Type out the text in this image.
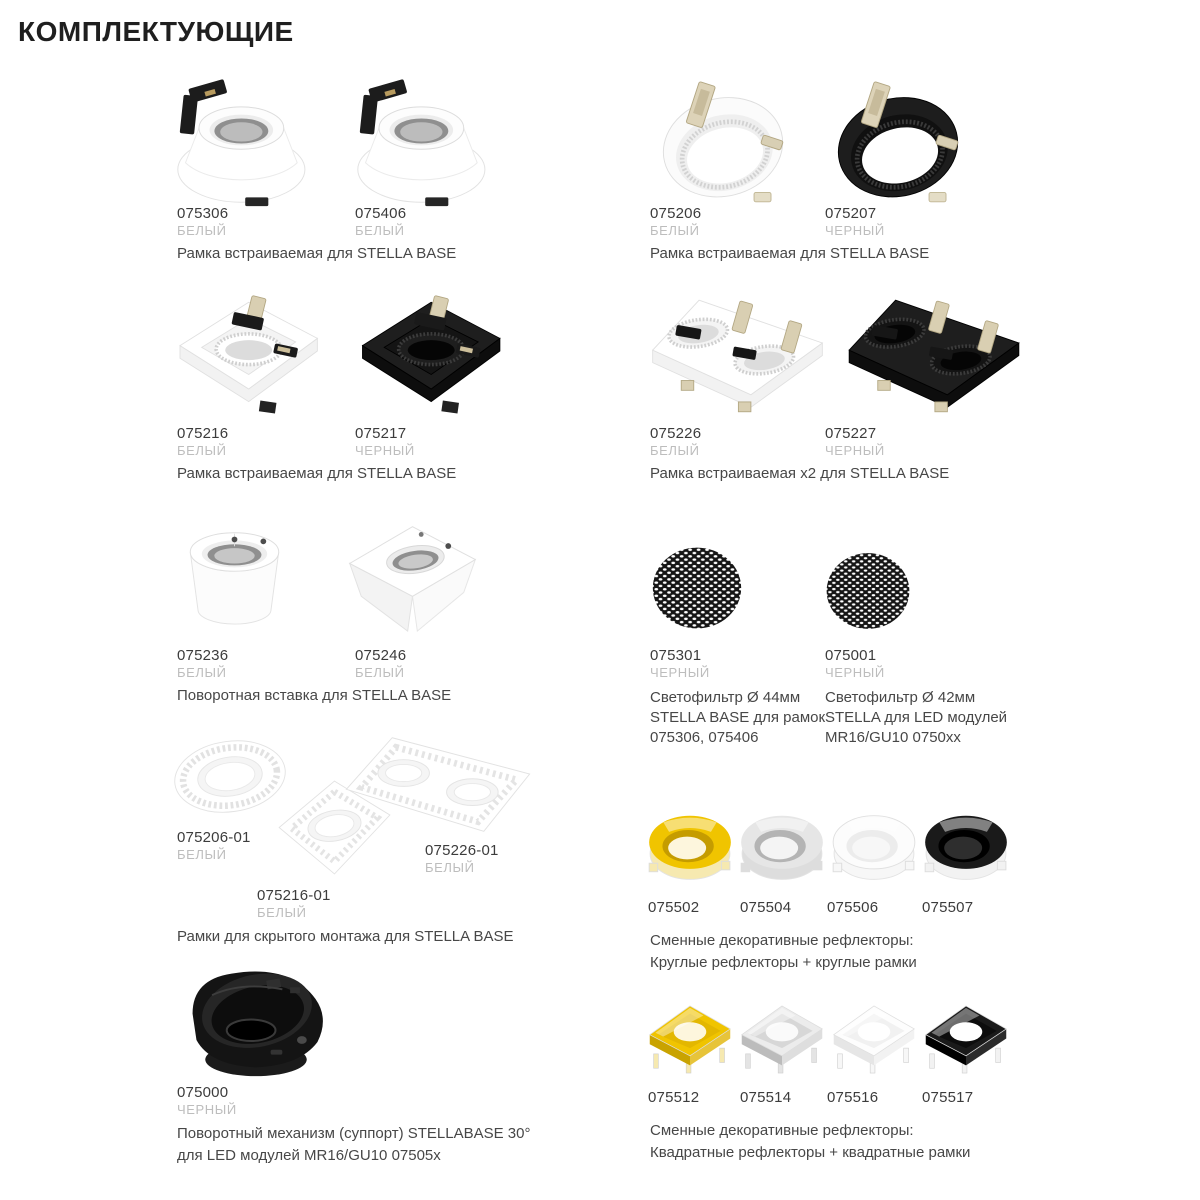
КОМПЛЕКТУЮЩИЕ
075306
БЕЛЫЙ
075406
БЕЛЫЙ
Рамка встраиваемая для STELLA BASE
075206
БЕЛЫЙ
075207
ЧЕРНЫЙ
Рамка встраиваемая для STELLA BASE
075216
БЕЛЫЙ
075217
ЧЕРНЫЙ
Рамка встраиваемая для STELLA BASE
075226
БЕЛЫЙ
075227
ЧЕРНЫЙ
Рамка встраиваемая x2 для STELLA BASE
075236
БЕЛЫЙ
075246
БЕЛЫЙ
Поворотная вставка для STELLA BASE
075301
ЧЕРНЫЙ
Светофильтр Ø 44мм
STELLA BASE для рамок
075306, 075406
075001
ЧЕРНЫЙ
Светофильтр Ø 42мм
STELLA для LED модулей
MR16/GU10 0750xx
075206-01
БЕЛЫЙ
075216-01
БЕЛЫЙ
075226-01
БЕЛЫЙ
Рамки для скрытого монтажа для STELLA BASE
075502	075504 075506	075507
Сменные декоративные рефлекторы:
Круглые рефлекторы + круглые рамки
075000
ЧЕРНЫЙ
Поворотный механизм (суппорт) STELLABASE 30°
для LED модулей MR16/GU10 07505x
075512	075514 075516	075517
Сменные декоративные рефлекторы:
Квадратные рефлекторы + квадратные рамки
